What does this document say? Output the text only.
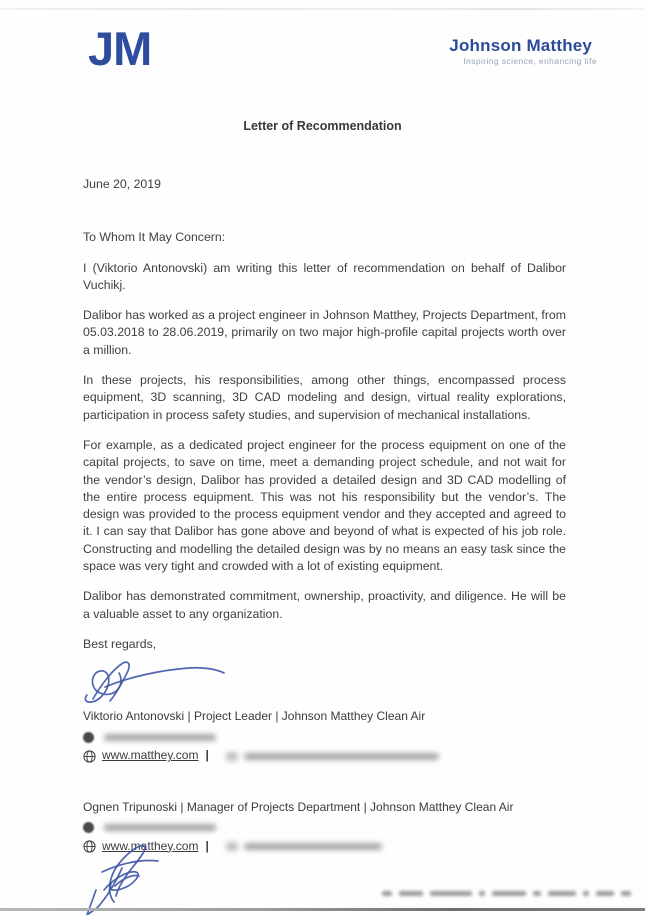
JM	Johnson Matthey
Inspiring science, enhancing life
Letter of Recommendation

June 20, 2019

To Whom It May Concern:

I (Viktorio Antonovski) am writing this letter of recommendation on behalf of Dalibor Vuchikj.

Dalibor has worked as a project engineer in Johnson Matthey, Projects Department, from 05.03.2018 to 28.06.2019, primarily on two major high-profile capital projects worth over a million.

In these projects, his responsibilities, among other things, encompassed process equipment, 3D scanning, 3D CAD modeling and design, virtual reality explorations, participation in process safety studies, and supervision of mechanical installations.

For example, as a dedicated project engineer for the process equipment on one of the capital projects, to save on time, meet a demanding project schedule, and not wait for the vendor’s design, Dalibor has provided a detailed design and 3D CAD modelling of the entire process equipment. This was not his responsibility but the vendor’s. The design was provided to the process equipment vendor and they accepted and agreed to it. I can say that Dalibor has gone above and beyond of what is expected of his job role. Constructing and modelling the detailed design was by no means an easy task since the space was very tight and crowded with a lot of existing equipment.

Dalibor has demonstrated commitment, ownership, proactivity, and diligence. He will be a valuable asset to any organization.

Best regards,

Viktorio Antonovski | Project Leader | Johnson Matthey Clean Air
www.matthey.com |
Ognen Tripunoski | Manager of Projects Department | Johnson Matthey Clean Air
www.matthey.com |
